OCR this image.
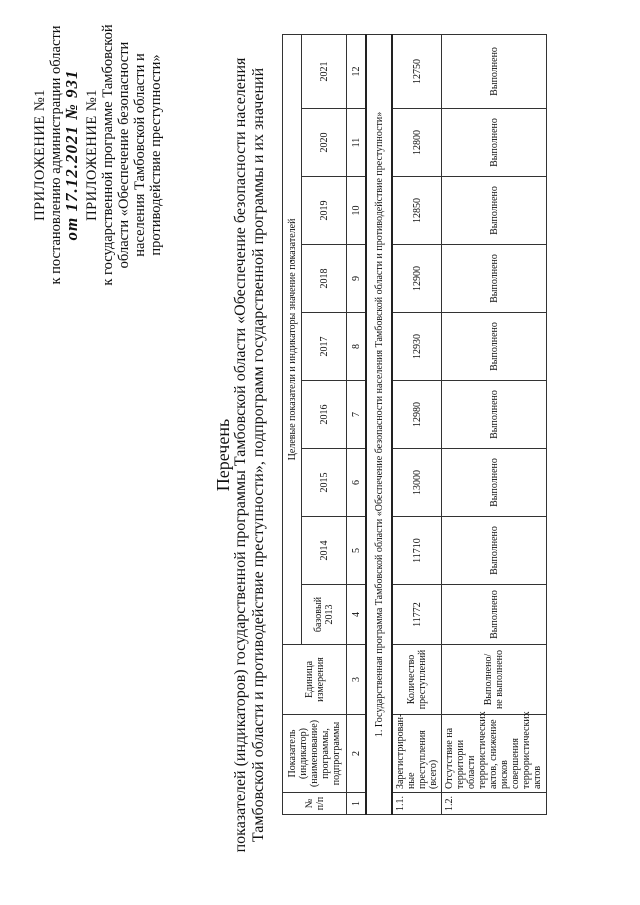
ПРИЛОЖЕНИЕ №1 к постановлению администрации области
от 17.12.2021 № 931 ПРИЛОЖЕНИЕ №1 к государственной программе Тамбовской области «Обеспечение безопасности населения Тамбовской области и противодействие преступности»
Перечень показателей (индикаторов) государственной программы Тамбовской области «Обеспечение безопасности населения Тамбовской области и противодействие преступности», подпрограмм государственной программы и их значений	№ п/п	Показатель (индикатор) (наименование) программы, подпрограммы	Единица измерения	Целевые показатели и индикаторы значение показателей								
			базовый 2013	2014	2015	2016	2017	2018	2019	2020	2021
1	2	3	4	5	6	7	8	9	10	11	12
1. Государственная программа Тамбовской области «Обеспечение безопасности населения Тамбовской области и противодействие преступности»											
1.1.	Зарегистрирован-ные преступления (всего)	Количество преступлений	11772	11710	13000	12980	12930	12900	12850	12800	12750
1.2.	Отсутствие на территории области террористических актов, снижение рисков совершения террористических актов	Выполнено/ не выполнено	Выполнено	Выполнено	Выполнено	Выполнено	Выполнено	Выполнено	Выполнено	Выполнено	Выполнено
